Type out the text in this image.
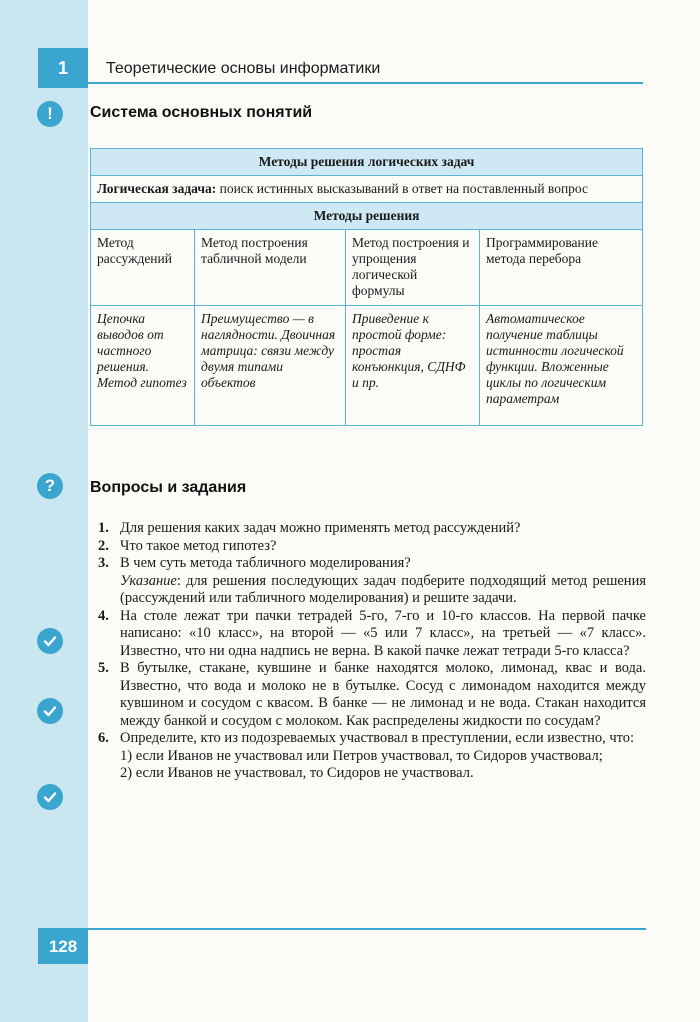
1 Теоретические основы информатики
!	Система основных понятий
Методы решения логических задач			
Логическая задача: поиск истинных высказываний в ответ на поставленный вопрос			
Методы решения			
Метод рассуждений	Метод построения табличной модели	Метод построения и упрощения логической формулы	Программирование метода перебора
Цепочка выводов от частного решения. Метод гипотез	Преимущество — в наглядности. Двоичная матрица: связи между двумя типами объектов	Приведение к простой форме: простая конъюнкция, СДНФ и пр.	Автоматическое получение таблицы истинности логической функции. Вложенные циклы по логическим параметрам
?	Вопросы и задания
1. Для решения каких задач можно применять метод рассуждений?
2. Что такое метод гипотез?
3. В чем суть метода табличного моделирования?
Указание: для решения последующих задач подберите подходящий метод решения (рассуждений или табличного моделирования) и решите задачи.
4. На столе лежат три пачки тетрадей 5-го, 7-го и 10-го классов. На первой пачке написано: «10 класс», на второй — «5 или 7 класс», на третьей — «7 класс». Известно, что ни одна надпись не верна. В какой пачке лежат тетради 5-го класса?
5. В бутылке, стакане, кувшине и банке находятся молоко, лимонад, квас и вода. Известно, что вода и молоко не в бутылке. Сосуд с лимонадом находится между кувшином и сосудом с квасом. В банке — не лимонад и не вода. Стакан находится между банкой и сосудом с молоком. Как распределены жидкости по сосудам?
6. Определите, кто из подозреваемых участвовал в преступлении, если известно, что:
1) если Иванов не участвовал или Петров участвовал, то Сидоров участвовал;
2) если Иванов не участвовал, то Сидоров не участвовал.
128
